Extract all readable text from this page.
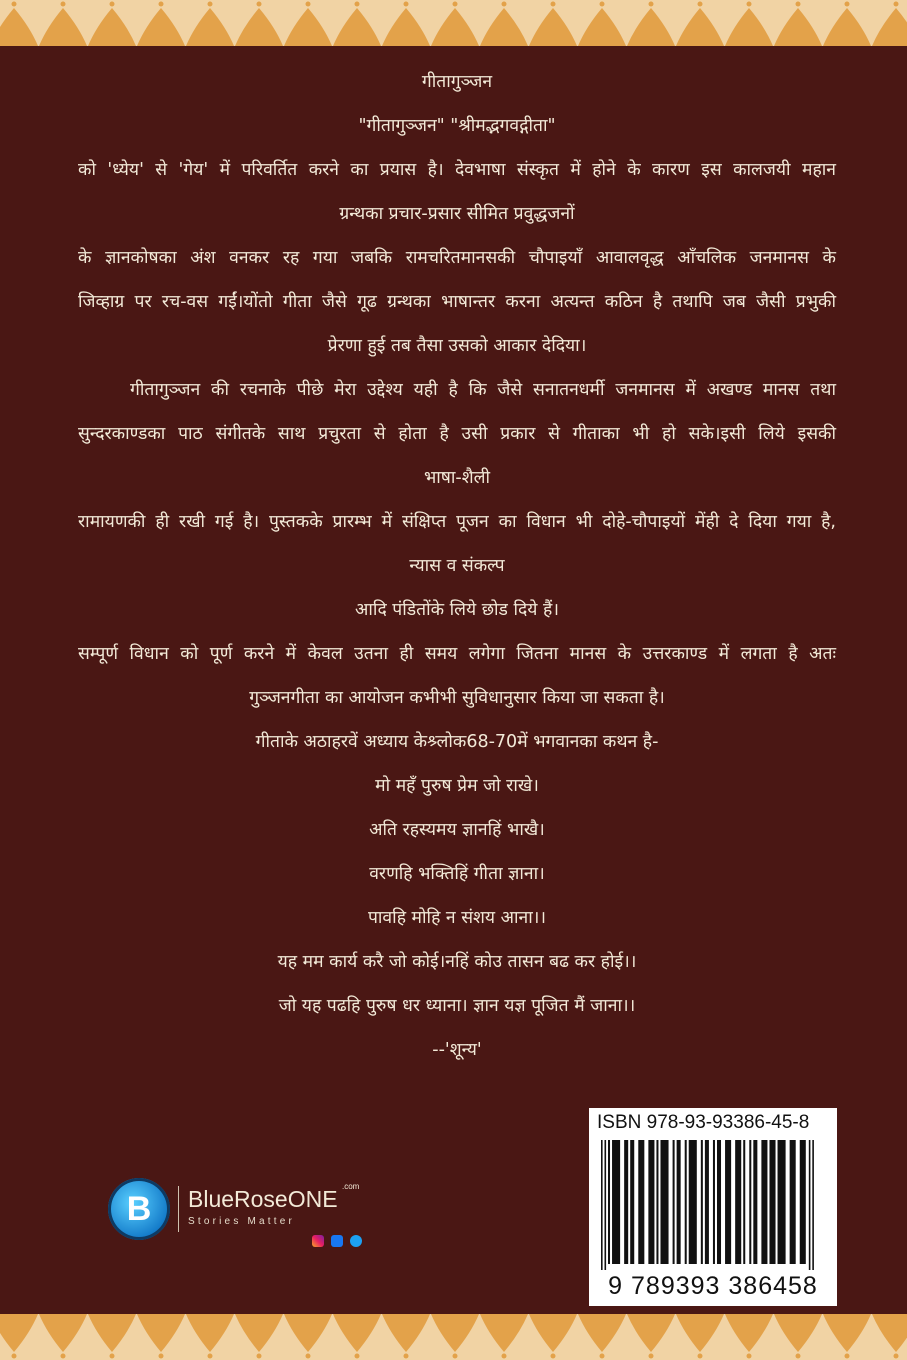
गीतागुञ्जन

"गीतागुञ्जन" "श्रीमद्भगवद्गीता"

को 'ध्येय' से 'गेय' में परिवर्तित करने का प्रयास है। देवभाषा संस्कृत में होने के कारण इस कालजयी महान

ग्रन्थका प्रचार-प्रसार सीमित प्रवुद्धजनों

के ज्ञानकोषका अंश वनकर रह गया जबकि रामचरितमानसकी चौपाइयाँ आवालवृद्ध आँचलिक जनमानस के

जिव्हाग्र पर रच-वस गईं।योंतो गीता जैसे गूढ ग्रन्थका भाषान्तर करना अत्यन्त कठिन है तथापि जब जैसी प्रभुकी

प्रेरणा हुई तब तैसा उसको आकार देदिया।

गीतागुञ्जन की रचनाके पीछे मेरा उद्देश्य यही है कि जैसे सनातनधर्मी जनमानस में अखण्ड मानस तथा

सुन्दरकाण्डका पाठ संगीतके साथ प्रचुरता से होता है उसी प्रकार से गीताका भी हो सके।इसी लिये इसकी

भाषा-शैली

रामायणकी ही रखी गई है। पुस्तकके प्रारम्भ में संक्षिप्त पूजन का विधान भी दोहे-चौपाइयों मेंही दे दिया गया है,

न्यास व संकल्प

आदि पंडितोंके लिये छोड दिये हैं।

सम्पूर्ण विधान को पूर्ण करने में केवल उतना ही समय लगेगा जितना मानस के उत्तरकाण्ड में लगता है अतः

गुञ्जनगीता का आयोजन कभीभी सुविधानुसार किया जा सकता है।

गीताके अठाहरवें अध्याय केश्र्लोक68-70में भगवानका कथन है-

मो महँ पुरुष प्रेम जो राखे।

अति रहस्यमय ज्ञानहिं भाखै।

वरणहि भक्तिहिं गीता ज्ञाना।

पावहि मोहि न संशय आना।।

यह मम कार्य करै जो कोई।नहिं कोउ तासन बढ कर होई।।

जो यह पढहि पुरुष धर ध्याना। ज्ञान यज्ञ पूजित मैं जाना।।

--'शून्य'

B	BlueRoseONE .com
Stories Matter

ISBN 978-93-93386-45-8
9 789393 386458
